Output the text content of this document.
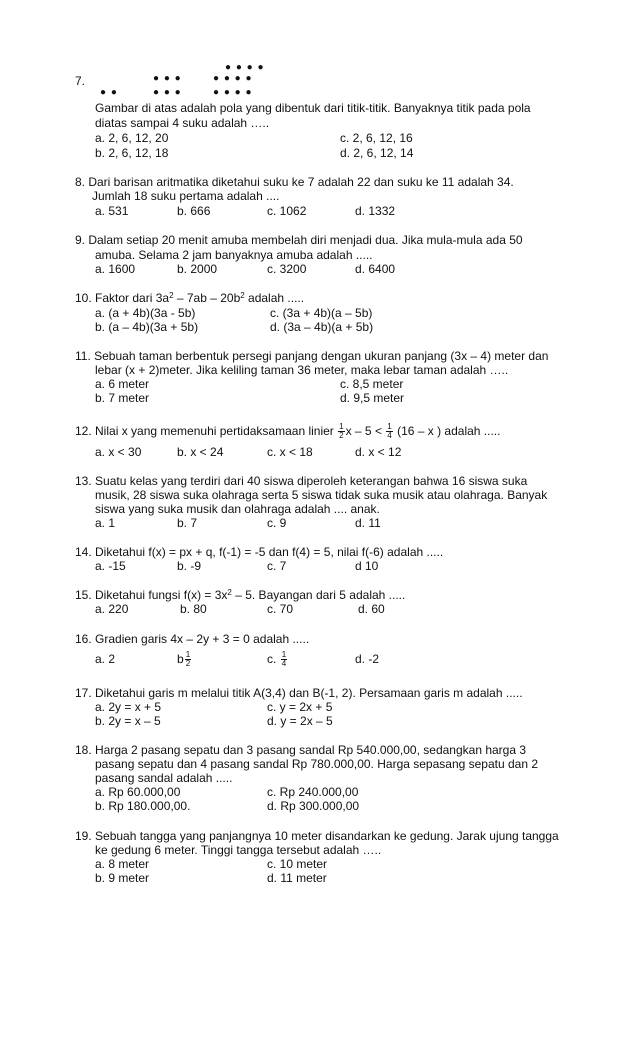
● ● ● ●
7.	● ● ●	● ● ● ●
● ●	● ● ●	● ● ● ●
Gambar di atas adalah pola yang dibentuk dari titik-titik. Banyaknya titik pada pola
diatas sampai 4 suku adalah …..
a. 2, 6, 12, 20	c. 2, 6, 12, 16
b. 2, 6, 12, 18	d. 2, 6, 12, 14
8. Dari barisan aritmatika diketahui suku ke 7 adalah 22 dan suku ke 11 adalah 34.
Jumlah 18 suku pertama adalah ....
a. 531	b. 666	c. 1062	d. 1332
9. Dalam setiap 20 menit amuba membelah diri menjadi dua. Jika mula-mula ada 50
amuba. Selama 2 jam banyaknya amuba adalah .....
a. 1600	b. 2000	c. 3200	d. 6400
10. Faktor dari $3a^2 - 7ab - 20b^2$ adalah .....
a. (a + 4b)(3a - 5b)	c. (3a + 4b)(a – 5b)
b. (a – 4b)(3a + 5b)	d. (3a – 4b)(a + 5b)
11. Sebuah taman berbentuk persegi panjang dengan ukuran panjang (3x – 4) meter dan
lebar (x + 2)meter. Jika keliling taman 36 meter, maka lebar taman adalah …..
a. 6 meter	c. 8,5 meter
b. 7 meter	d. 9,5 meter
12. Nilai x yang memenuhi pertidaksamaan linier $\frac{1}{2}$ $x - 5 < \frac{1}{4} (16 - x$ ) adalah .....
a. x < 30	b. x < 24	c. x < 18	d. x < 12
13. Suatu kelas yang terdiri dari 40 siswa diperoleh keterangan bahwa 16 siswa suka
musik, 28 siswa suka olahraga serta 5 siswa tidak suka musik atau olahraga. Banyak
siswa yang suka musik dan olahraga adalah .... anak.
a. 1	b. 7	c. 9	d. 11
14. Diketahui f(x) = px + q, f(-1) = -5 dan f(4) = 5, nilai f(-6) adalah .....
a. -15	b. -9	c. 7	d 10
15. Diketahui fungsi $f(x) = 3x^2 - 5$. Bayangan dari 5 adalah .....
a. 220	b. 80	c. 70	d. 60
16. Gradien garis 4x – 2y + 3 = 0 adalah .....
a. 2	b $\frac{1}{2}$	c. $\frac{1}{4}$	d. -2
17. Diketahui garis m melalui titik A(3,4) dan B(-1, 2). Persamaan garis m adalah .....
a. 2y = x + 5	c. y = 2x + 5
b. 2y = x – 5	d. y = 2x – 5
18. Harga 2 pasang sepatu dan 3 pasang sandal Rp 540.000,00, sedangkan harga 3
pasang sepatu dan 4 pasang sandal Rp 780.000,00. Harga sepasang sepatu dan 2
pasang sandal adalah .....
a. Rp 60.000,00	c. Rp 240.000,00
b. Rp 180.000,00.	d. Rp 300.000,00
19. Sebuah tangga yang panjangnya 10 meter disandarkan ke gedung. Jarak ujung tangga
ke gedung 6 meter. Tinggi tangga tersebut adalah …..
a. 8 meter	c. 10 meter
b. 9 meter	d. 11 meter
